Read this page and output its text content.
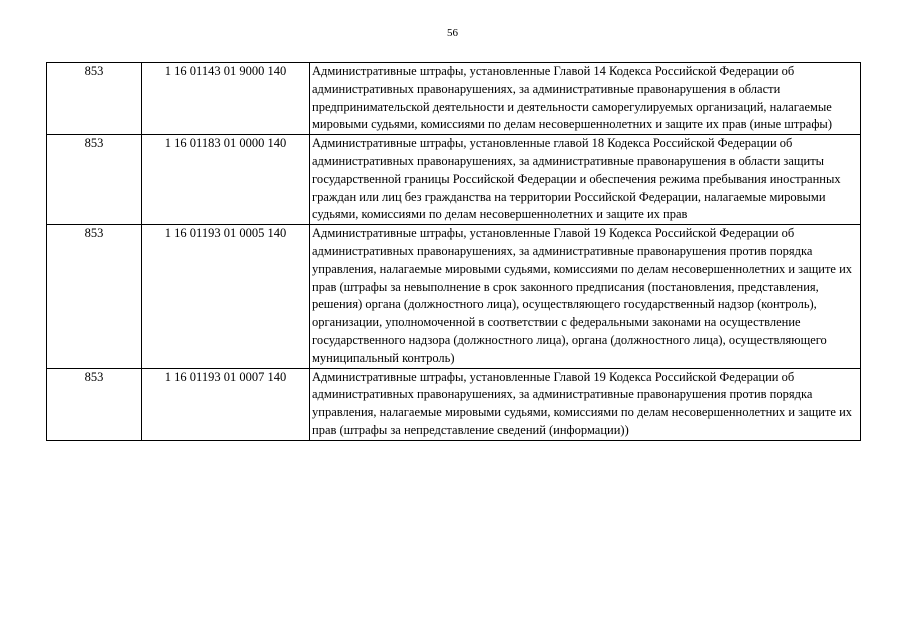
56
853	1 16 01143 01 9000 140	Административные штрафы, установленные Главой 14 Кодекса Российской Федерации об административных правонарушениях, за административные правонарушения в области предпринимательской деятельности и деятельности саморегулируемых организаций, налагаемые мировыми судьями, комиссиями по делам несовершеннолетних и защите их прав (иные штрафы)
853	1 16 01183 01 0000 140	Административные штрафы, установленные главой 18 Кодекса Российской Федерации об административных правонарушениях, за административные правонарушения в области защиты государственной границы Российской Федерации и обеспечения режима пребывания иностранных граждан или лиц без гражданства на территории Российской Федерации, налагаемые мировыми судьями, комиссиями по делам несовершеннолетних и защите их прав
853	1 16 01193 01 0005 140	Административные штрафы, установленные Главой 19 Кодекса Российской Федерации об административных правонарушениях, за административные правонарушения против порядка управления, налагаемые мировыми судьями, комиссиями по делам несовершеннолетних и защите их прав (штрафы за невыполнение в срок законного предписания (постановления, представления, решения) органа (должностного лица), осуществляющего государственный надзор (контроль), организации, уполномоченной в соответствии с федеральными законами на осуществление государственного надзора (должностного лица), органа (должностного лица), осуществляющего муниципальный контроль)
853	1 16 01193 01 0007 140	Административные штрафы, установленные Главой 19 Кодекса Российской Федерации об административных правонарушениях, за административные правонарушения против порядка управления, налагаемые мировыми судьями, комиссиями по делам несовершеннолетних и защите их прав (штрафы за непредставление сведений (информации))
